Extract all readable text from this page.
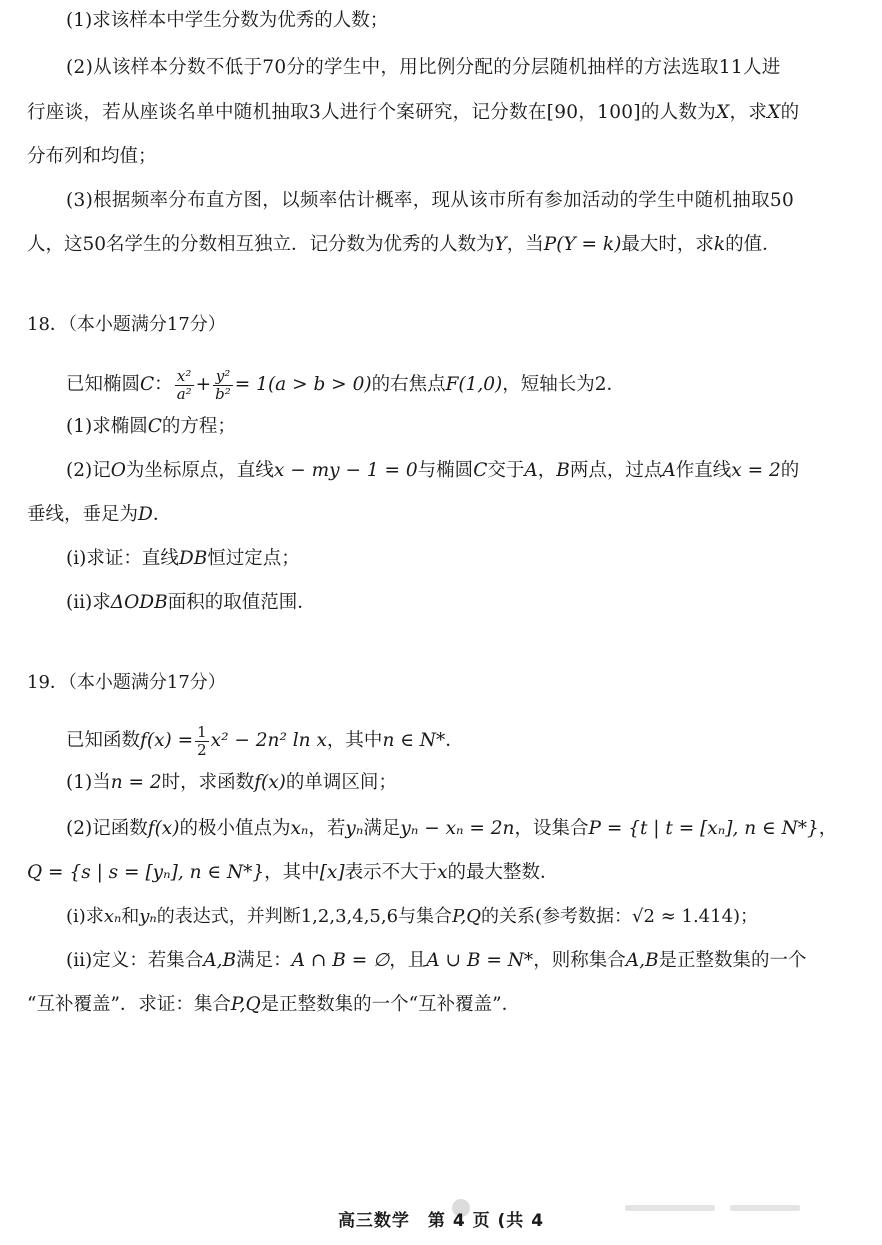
(1)求该样本中学生分数为优秀的人数；
(2)从该样本分数不低于70分的学生中，用比例分配的分层随机抽样的方法选取11人进
行座谈，若从座谈名单中随机抽取3人进行个案研究，记分数在[90，100]的人数为X，求X的
分布列和均值；
(3)根据频率分布直方图，以频率估计概率，现从该市所有参加活动的学生中随机抽取50
人，这50名学生的分数相互独立．记分数为优秀的人数为Y，当P(Y = k)最大时，求k的值．
18．（本小题满分17分）
已知椭圆C： $\frac{\text{x²}}{\text{a²}} + \frac{\text{y²}}{\text{b²}} = 1(a > b > 0)$的右焦点F(1,0)，短轴长为2．
(1)求椭圆C的方程；
(2)记O为坐标原点，直线x − my − 1 = 0与椭圆C交于A，B两点，过点A作直线x = 2的
垂线，垂足为D．
(ⅰ)求证：直线DB恒过定点；
(ⅱ)求ΔODB面积的取值范围．
19．（本小题满分17分）
已知函数$f(x) = \frac{1}{2} x^2 - 2n^2$ ln x，其中n ∈ N*．
(1)当n = 2时，求函数f(x)的单调区间；
(2)记函数f(x)的极小值点为xₙ，若yₙ满足yₙ − xₙ = 2n，设集合P = {t | t = [xₙ], n ∈ N*}，
Q = {s | s = [yₙ], n ∈ N*}，其中[x]表示不大于x的最大整数．
(ⅰ)求xₙ和yₙ的表达式，并判断1,2,3,4,5,6与集合P,Q的关系(参考数据：√2 ≈ 1.414)；
(ⅱ)定义：若集合A,B满足：A ∩ B = ∅，且A ∪ B = N*，则称集合A,B是正整数集的一个
“互补覆盖”．求证：集合P,Q是正整数集的一个“互补覆盖”．

高三数学　第 4 页 (共 4
